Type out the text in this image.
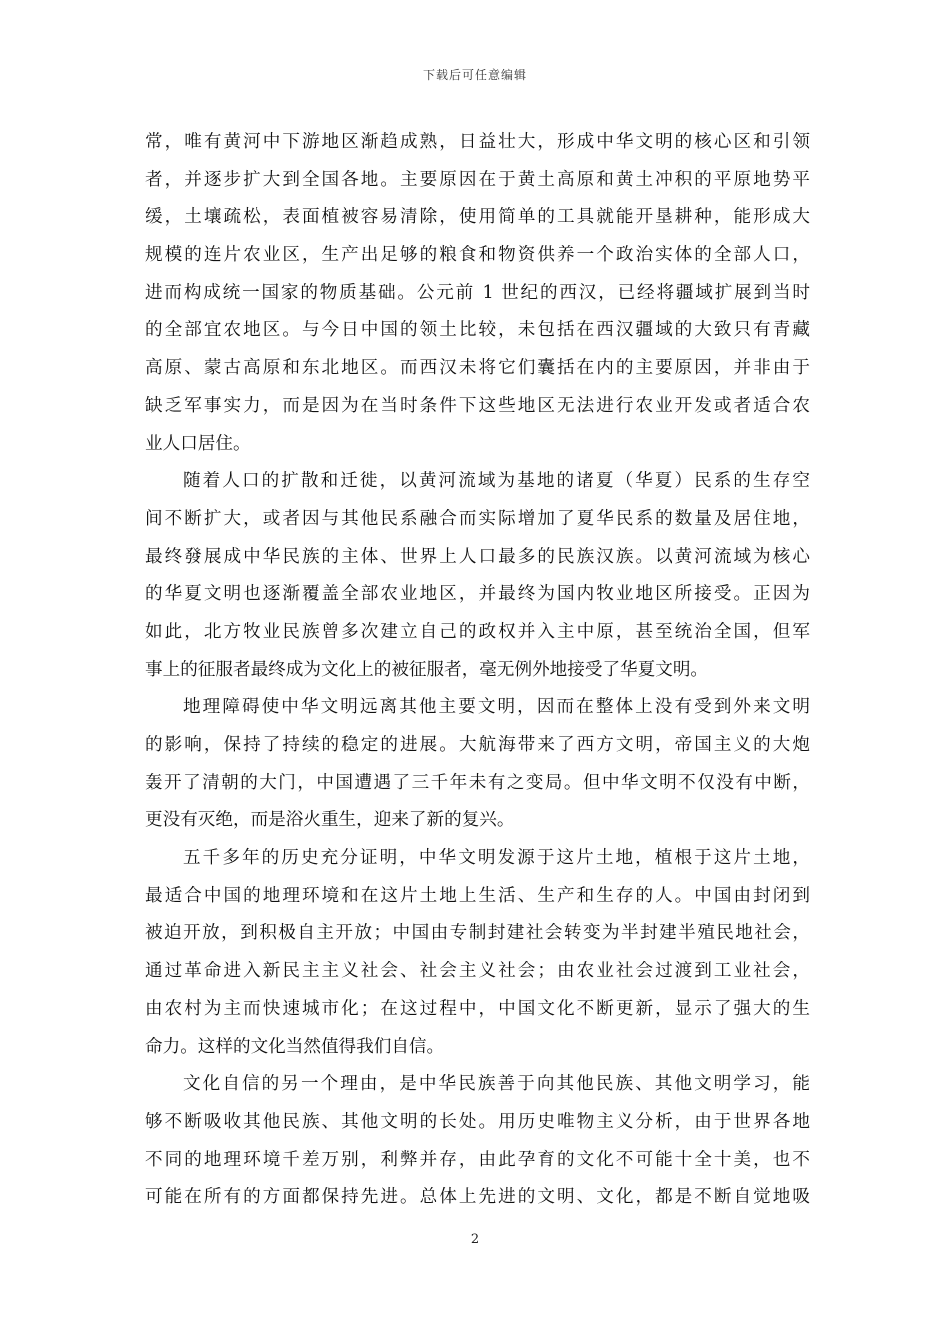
下载后可任意编辑
常，唯有黄河中下游地区渐趋成熟，日益壮大，形成中华文明的核心区和引领
者，并逐步扩大到全国各地。主要原因在于黄土高原和黄土冲积的平原地势平
缓，土壤疏松，表面植被容易清除，使用简单的工具就能开垦耕种，能形成大
规模的连片农业区，生产出足够的粮食和物资供养一个政治实体的全部人口，
进而构成统一国家的物质基础。公元前 1 世纪的西汉，已经将疆域扩展到当时
的全部宜农地区。与今日中国的领土比较，未包括在西汉疆域的大致只有青藏
高原、蒙古高原和东北地区。而西汉未将它们囊括在内的主要原因，并非由于
缺乏军事实力，而是因为在当时条件下这些地区无法进行农业开发或者适合农
业人口居住。
随着人口的扩散和迁徙，以黄河流域为基地的诸夏（华夏）民系的生存空
间不断扩大，或者因与其他民系融合而实际增加了夏华民系的数量及居住地，
最终發展成中华民族的主体、世界上人口最多的民族汉族。以黄河流域为核心
的华夏文明也逐渐覆盖全部农业地区，并最终为国内牧业地区所接受。正因为
如此，北方牧业民族曾多次建立自己的政权并入主中原，甚至统治全国，但军
事上的征服者最终成为文化上的被征服者，毫无例外地接受了华夏文明。
地理障碍使中华文明远离其他主要文明，因而在整体上没有受到外来文明
的影响，保持了持续的稳定的进展。大航海带来了西方文明，帝国主义的大炮
轰开了清朝的大门，中国遭遇了三千年未有之变局。但中华文明不仅没有中断，
更没有灭绝，而是浴火重生，迎来了新的复兴。
五千多年的历史充分证明，中华文明发源于这片土地，植根于这片土地，
最适合中国的地理环境和在这片土地上生活、生产和生存的人。中国由封闭到
被迫开放，到积极自主开放；中国由专制封建社会转变为半封建半殖民地社会，
通过革命进入新民主主义社会、社会主义社会；由农业社会过渡到工业社会，
由农村为主而快速城市化；在这过程中，中国文化不断更新，显示了强大的生
命力。这样的文化当然值得我们自信。
文化自信的另一个理由，是中华民族善于向其他民族、其他文明学习，能
够不断吸收其他民族、其他文明的长处。用历史唯物主义分析，由于世界各地
不同的地理环境千差万别，利弊并存，由此孕育的文化不可能十全十美，也不
可能在所有的方面都保持先进。总体上先进的文明、文化，都是不断自觉地吸
2
